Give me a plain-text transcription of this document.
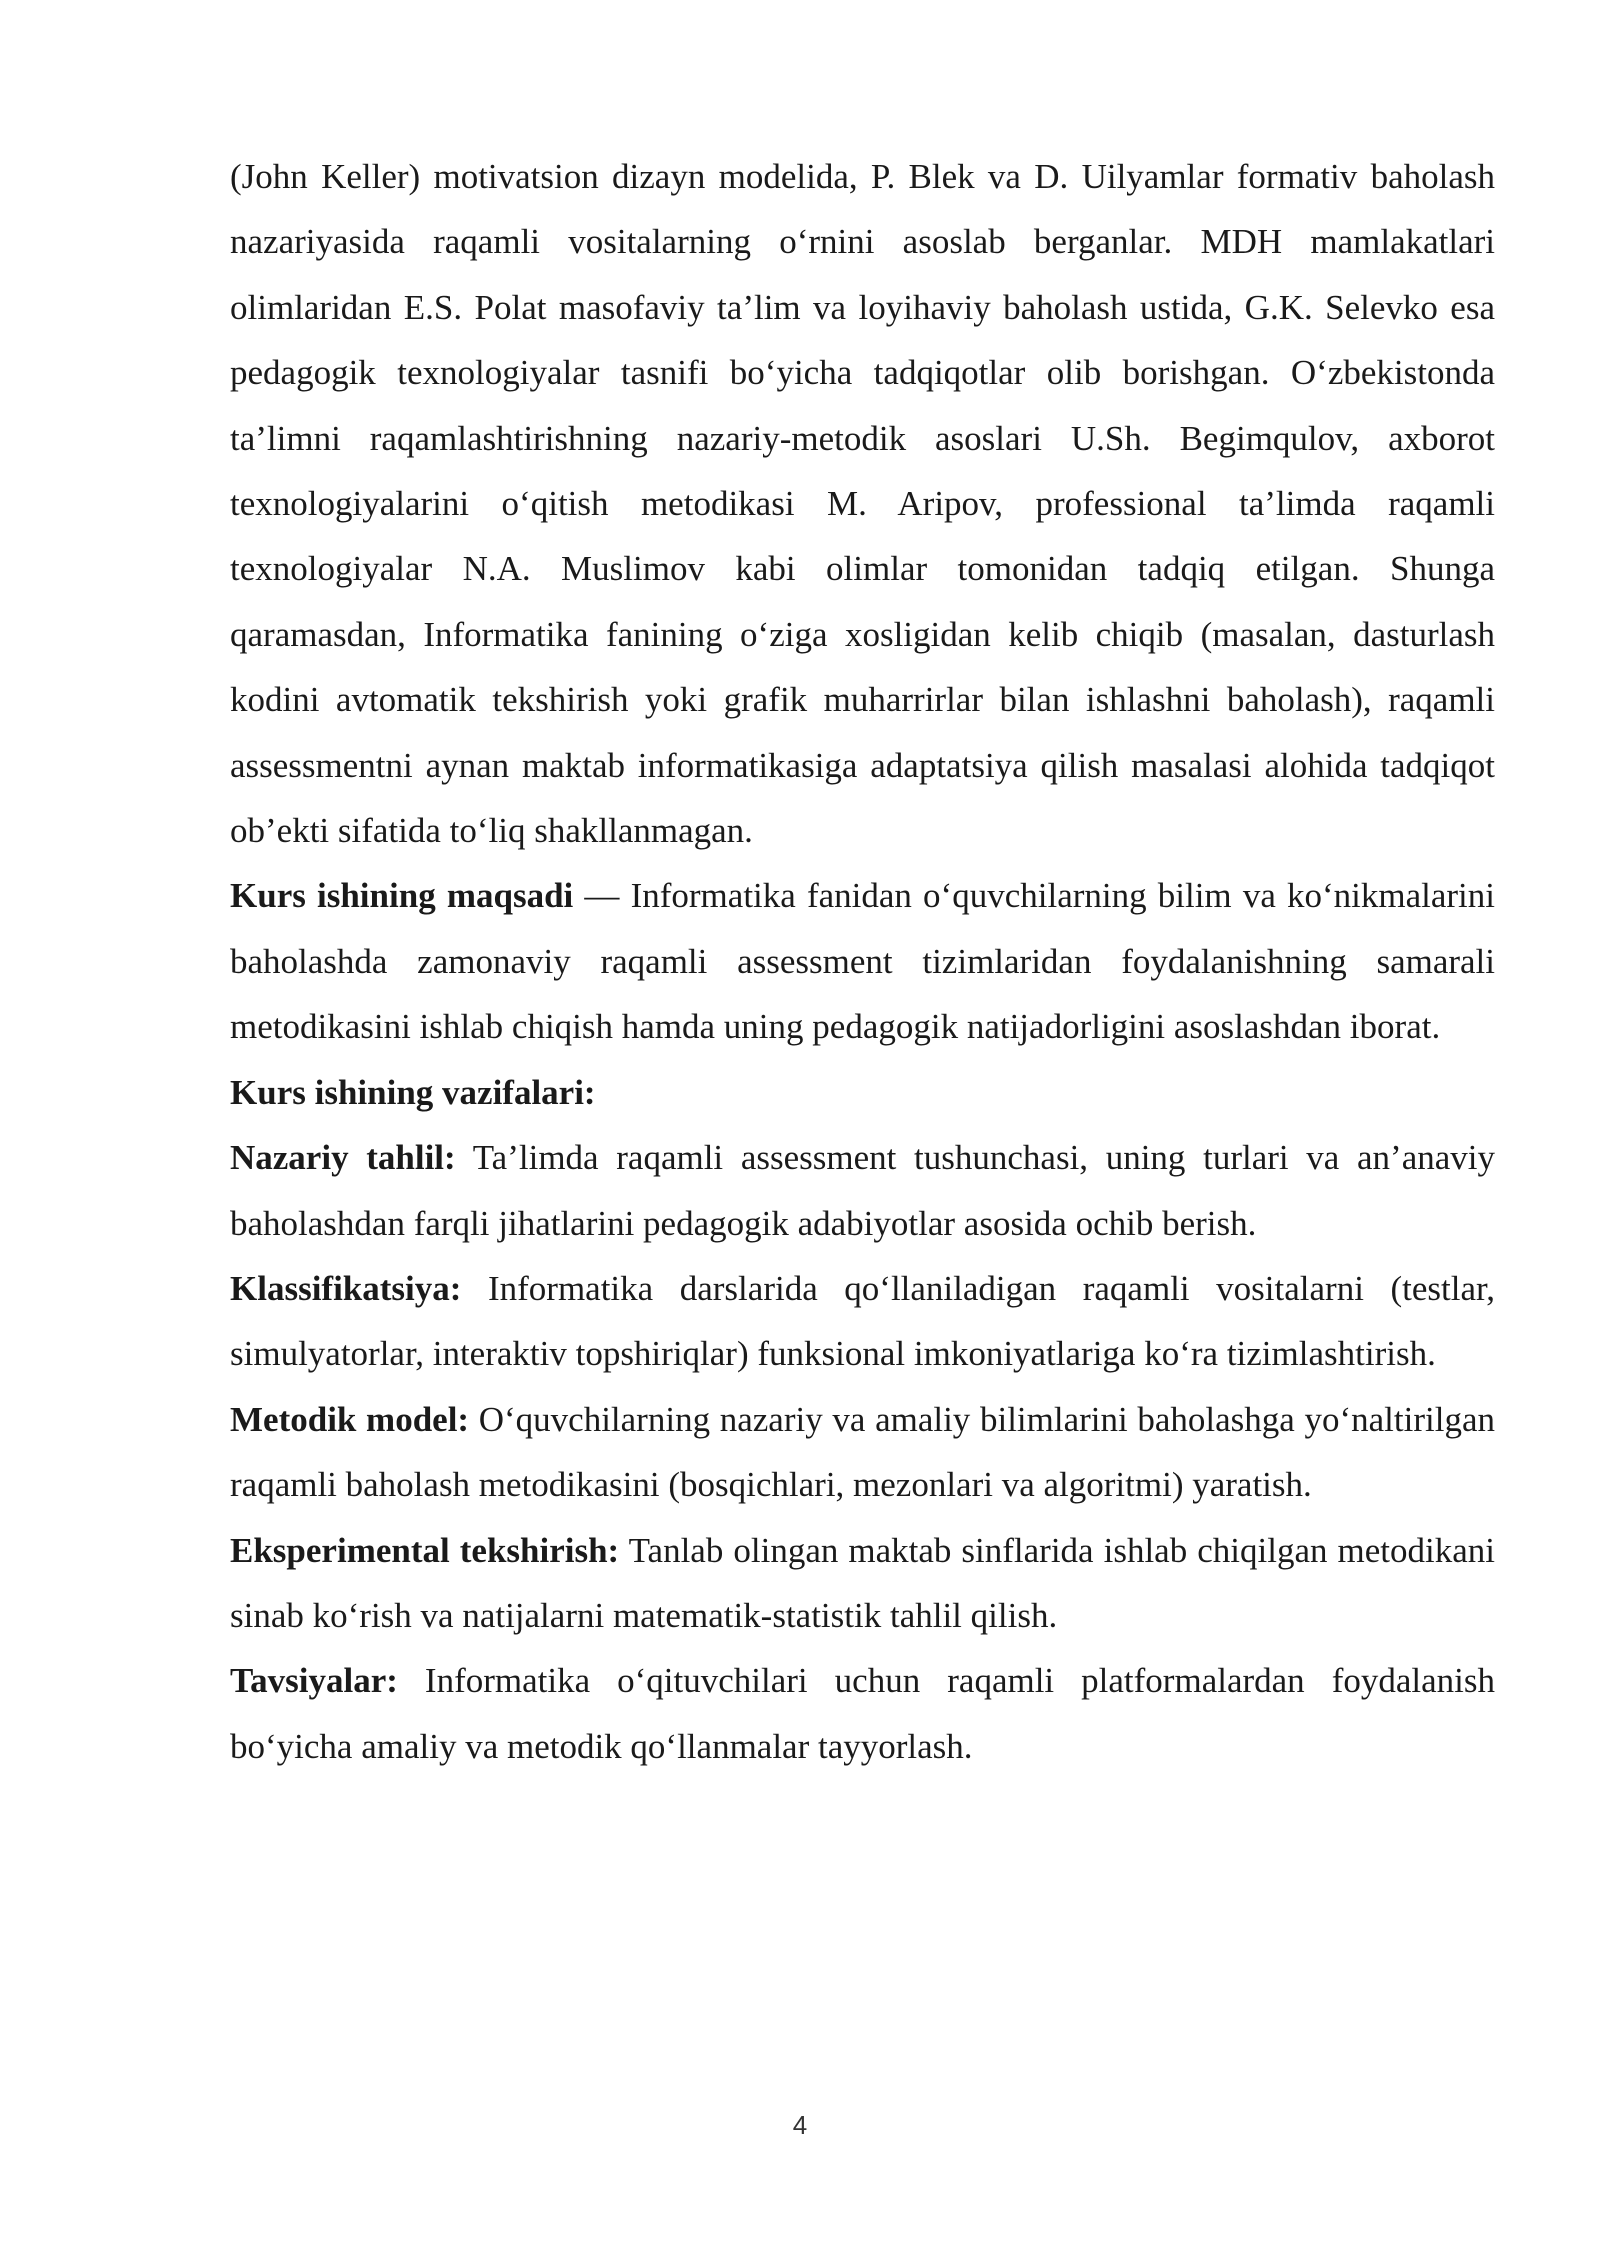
(John Keller) motivatsion dizayn modelida, P. Blek va D. Uilyamlar formativ baholash nazariyasida raqamli vositalarning o‘rnini asoslab berganlar. MDH mamlakatlari olimlaridan E.S. Polat masofaviy ta’lim va loyihaviy baholash ustida, G.K. Selevko esa pedagogik texnologiyalar tasnifi bo‘yicha tadqiqotlar olib borishgan. O‘zbekistonda ta’limni raqamlashtirishning nazariy-metodik asoslari U.Sh. Begimqulov, axborot texnologiyalarini o‘qitish metodikasi M. Aripov, professional ta’limda raqamli texnologiyalar N.A. Muslimov kabi olimlar tomonidan tadqiq etilgan. Shunga qaramasdan, Informatika fanining o‘ziga xosligidan kelib chiqib (masalan, dasturlash kodini avtomatik tekshirish yoki grafik muharrirlar bilan ishlashni baholash), raqamli assessmentni aynan maktab informatikasiga adaptatsiya qilish masalasi alohida tadqiqot ob’ekti sifatida to‘liq shakllanmagan.

Kurs ishining maqsadi — Informatika fanidan o‘quvchilarning bilim va ko‘nikmalarini baholashda zamonaviy raqamli assessment tizimlaridan foydalanishning samarali metodikasini ishlab chiqish hamda uning pedagogik natijadorligini asoslashdan iborat.

Kurs ishining vazifalari:

Nazariy tahlil: Ta’limda raqamli assessment tushunchasi, uning turlari va an’anaviy baholashdan farqli jihatlarini pedagogik adabiyotlar asosida ochib berish.

Klassifikatsiya: Informatika darslarida qo‘llaniladigan raqamli vositalarni (testlar, simulyatorlar, interaktiv topshiriqlar) funksional imkoniyatlariga ko‘ra tizimlashtirish.

Metodik model: O‘quvchilarning nazariy va amaliy bilimlarini baholashga yo‘naltirilgan raqamli baholash metodikasini (bosqichlari, mezonlari va algoritmi) yaratish.

Eksperimental tekshirish: Tanlab olingan maktab sinflarida ishlab chiqilgan metodikani sinab ko‘rish va natijalarni matematik-statistik tahlil qilish.

Tavsiyalar: Informatika o‘qituvchilari uchun raqamli platformalardan foydalanish bo‘yicha amaliy va metodik qo‘llanmalar tayyorlash.

4
